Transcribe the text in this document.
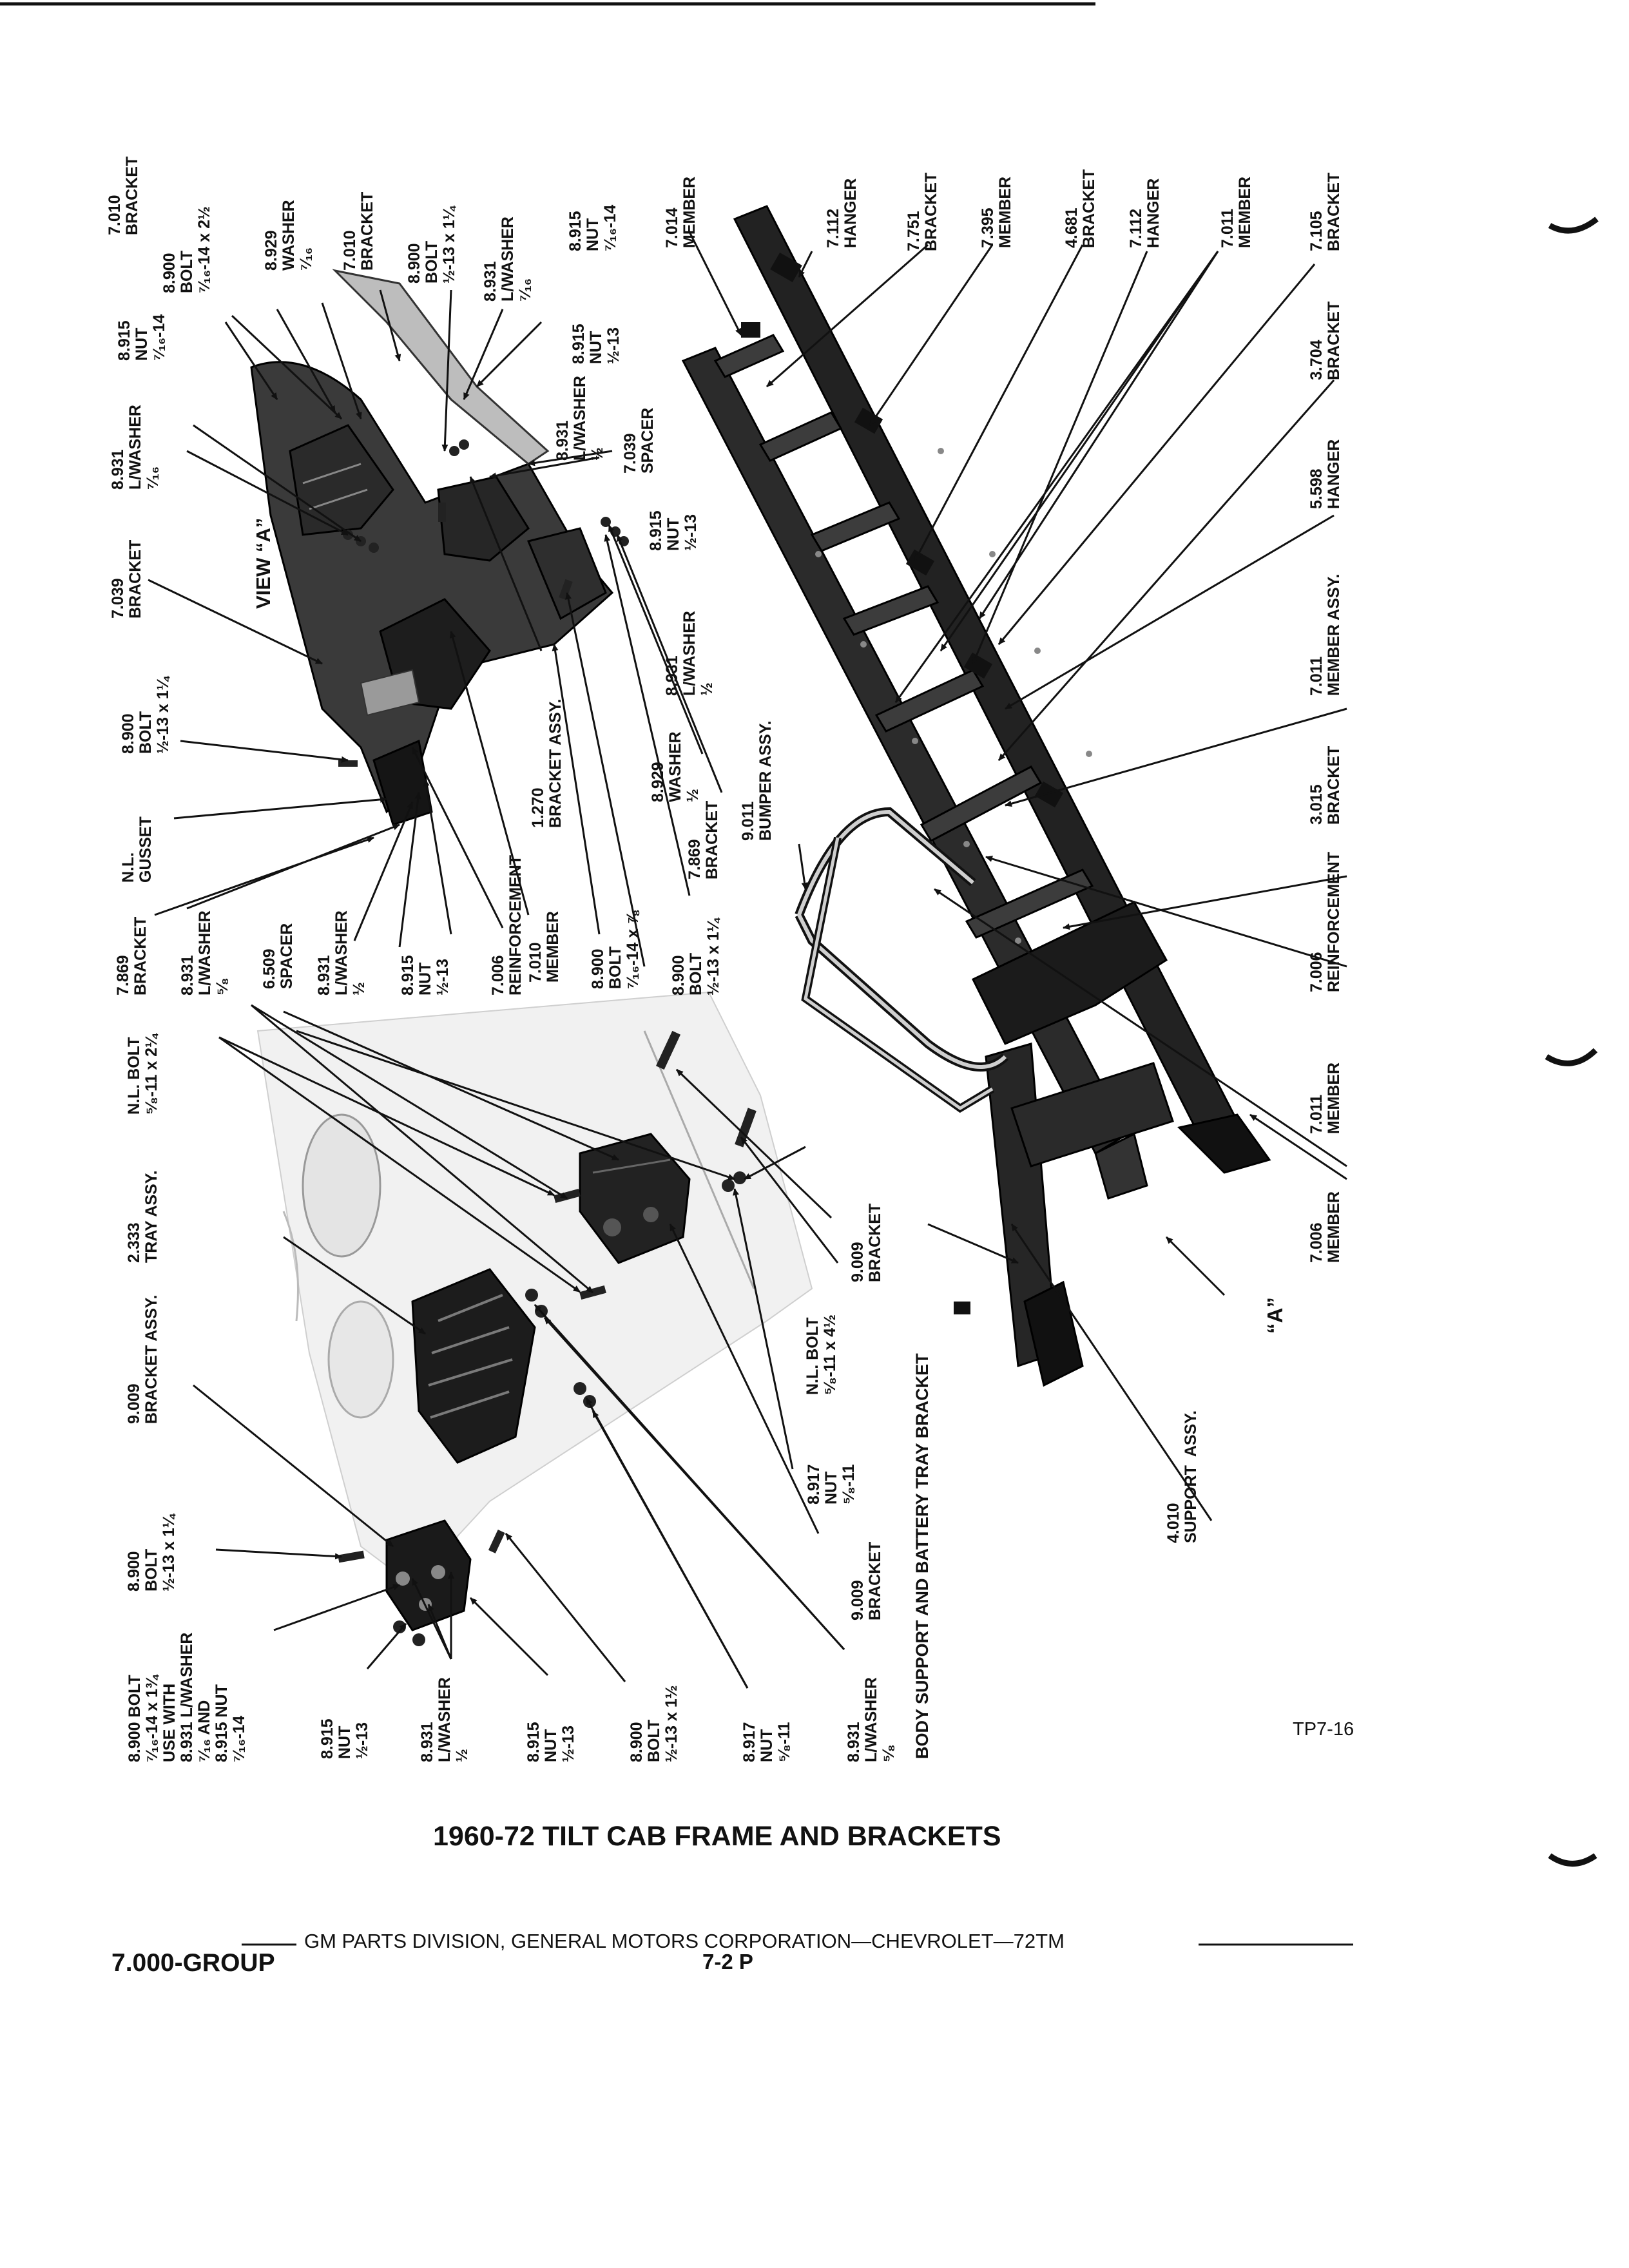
1960-72 TILT CAB FRAME AND BRACKETS
GM PARTS DIVISION, GENERAL MOTORS CORPORATION—CHEVROLET—72TM
7.000-GROUP	7-2 P
TP7-16
VIEW “A”
“A”
BODY SUPPORT AND BATTERY TRAY BRACKET
8.900 BOLT ⁷⁄₁₆-14 x 1¾ USE WITH 8.931 L/WASHER ⁷⁄₁₆ AND 8.915 NUT ⁷⁄₁₆-14	8.915 NUT ½-13	8.931 L/WASHER ½	8.915 NUT ½-13	8.900 BOLT ½-13 x 1½	8.917 NUT ⁵⁄₈-11	8.931 L/WASHER ⁵⁄₈
8.900 BOLT ½-13 x 1¼
9.009 BRACKET ASSY.
2.333 TRAY ASSY.
N.L. BOLT ⁵⁄₈-11 x 2¼
9.009 BRACKET
8.917 NUT ⁵⁄₈-11
N.L. BOLT ⁵⁄₈-11 x 4½
9.009 BRACKET
7.869 BRACKET 8.931 L/WASHER ⁵⁄₈ 6.509 SPACER 8.931 L/WASHER ½ 8.915 NUT ½-13 7.006 REINFORCEMENT 7.010 MEMBER 8.900 BOLT ⁷⁄₁₆-14 x ⅞ 8.900 BOLT ½-13 x 1¼
N.L. GUSSET
8.900 BOLT ½-13 x 1¼
7.039 BRACKET
8.931 L/WASHER ⁷⁄₁₆
8.915 NUT ⁷⁄₁₆-14
7.010 BRACKET
8.900 BOLT ⁷⁄₁₆-14 x 2½	8.929 WASHER ⁷⁄₁₆ 7.010 BRACKET 8.900 BOLT ½-13 x 1¼ 8.931 L/WASHER ⁷⁄₁₆
8.915 NUT ⁷⁄₁₆-14
8.915 NUT ½-13
8.931 L/WASHER ½ 7.039 SPACER
1.270 BRACKET ASSY.
8.915 NUT ½-13
8.931 L/WASHER ½
8.929 WASHER ½
7.869 BRACKET 9.011 BUMPER ASSY.
7.014 MEMBER	7.112 HANGER	7.751 BRACKET 7.395 MEMBER	4.681 BRACKET 7.112 HANGER	7.011 MEMBER	7.105 BRACKET
3.704 BRACKET
5.598 HANGER
7.011 MEMBER ASSY.
3.015 BRACKET
7.006 REINFORCEMENT
7.011 MEMBER
7.006 MEMBER
4.010 SUPPORT  ASSY.
